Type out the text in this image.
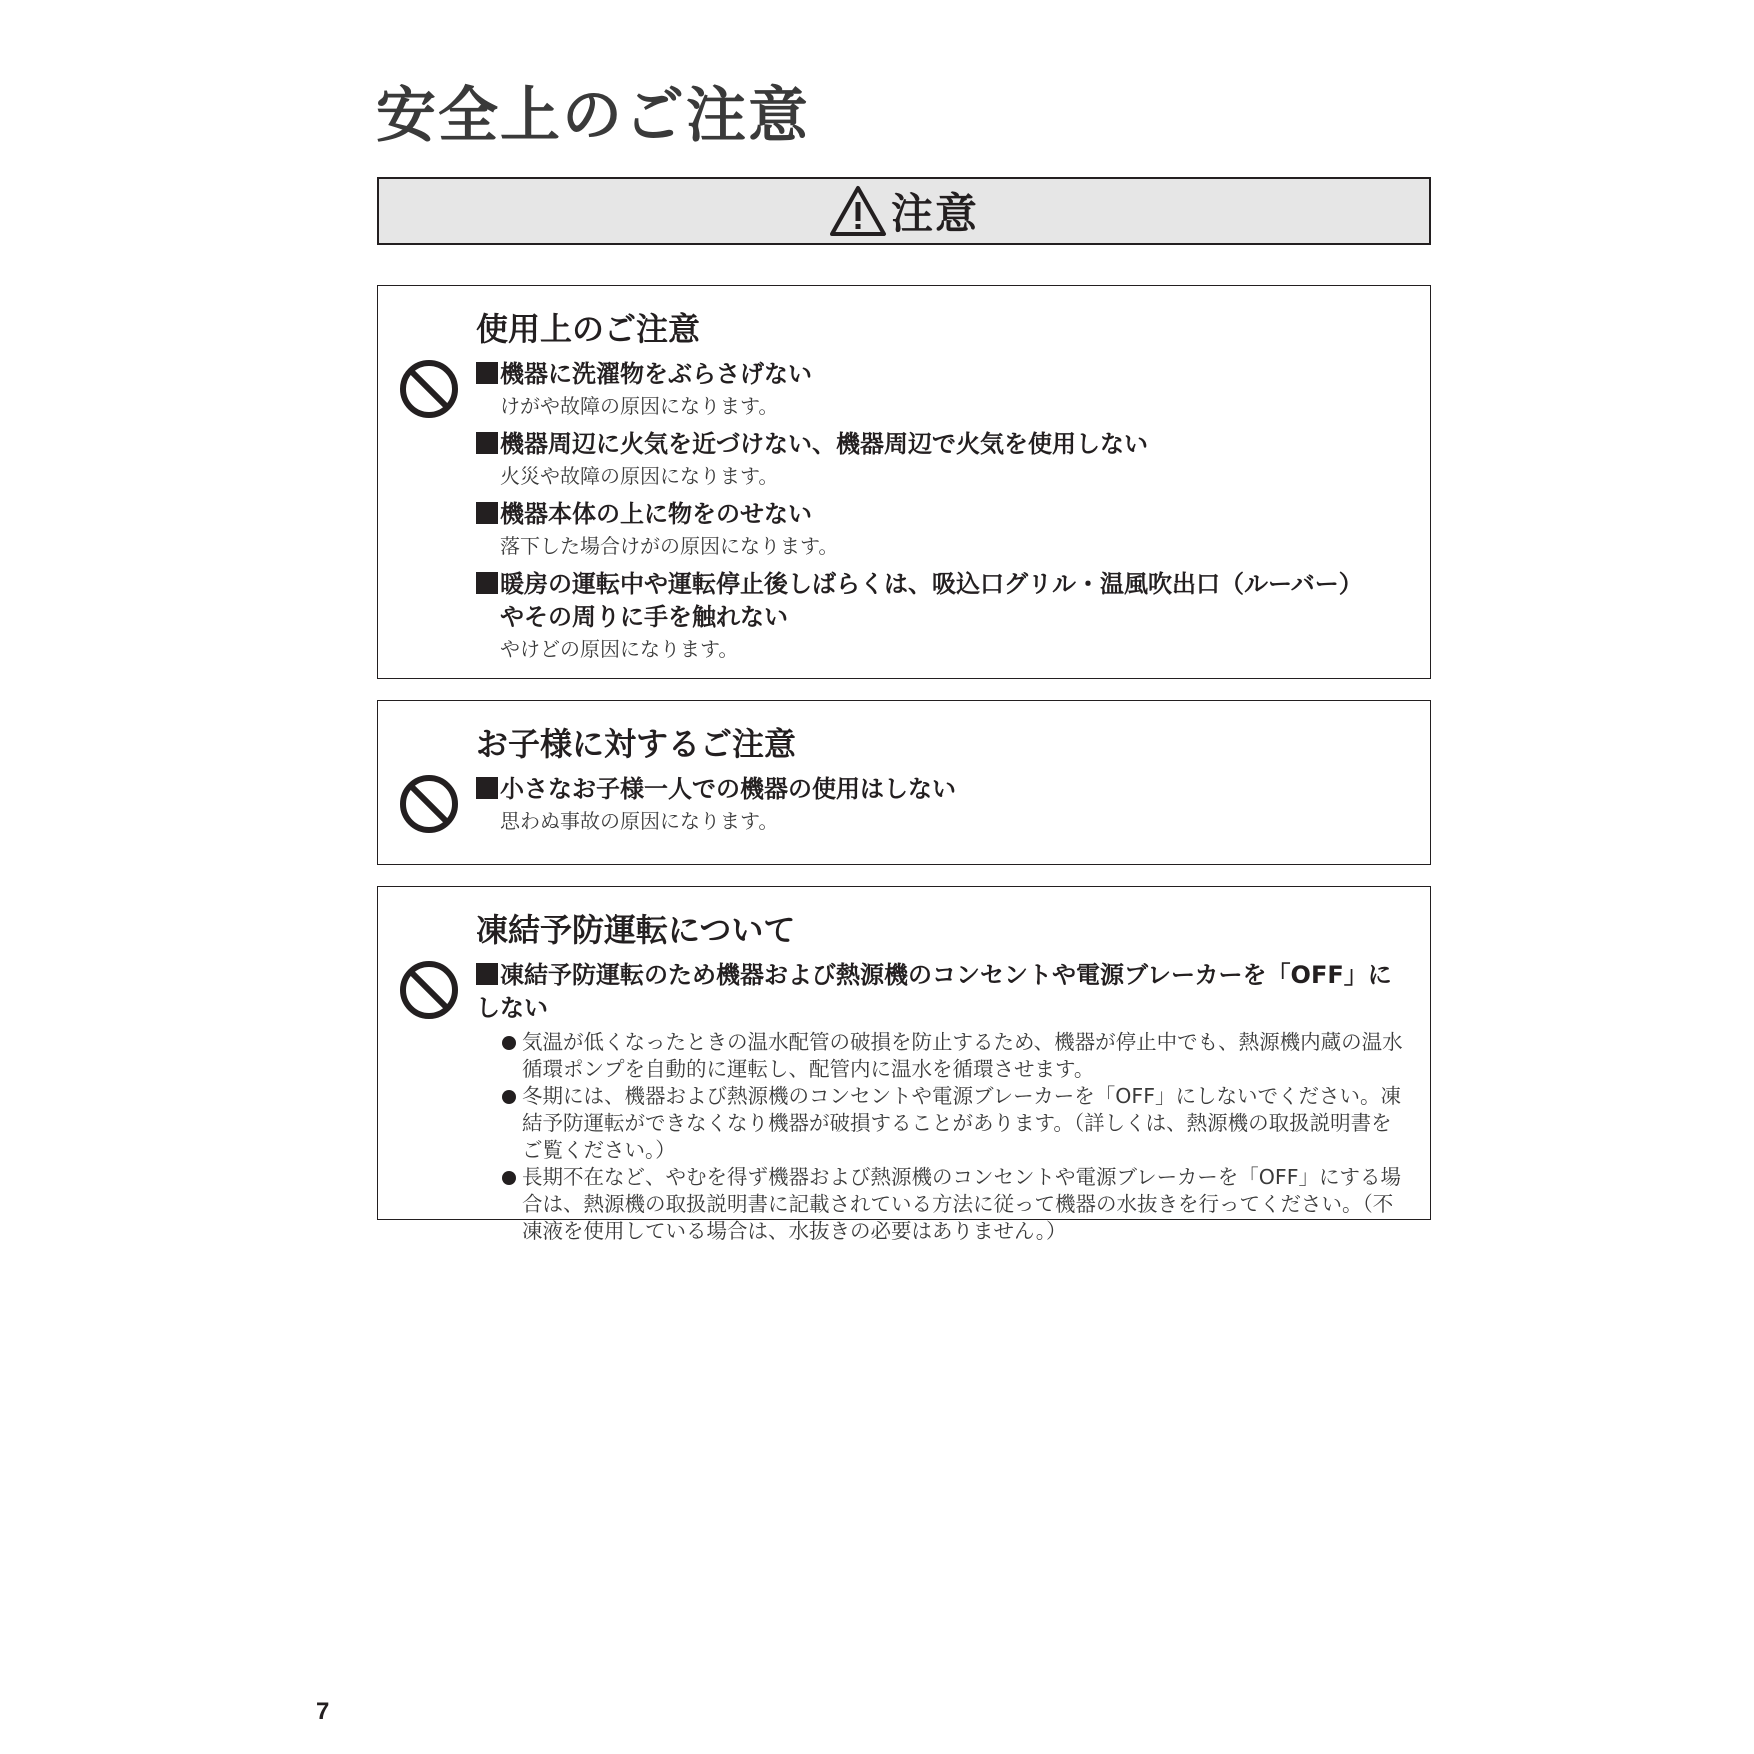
安全上のご注意
注意
使用上のご注意

機器に洗濯物をぶらさげない

けがや故障の原因になります。

機器周辺に火気を近づけない、機器周辺で火気を使用しない

火災や故障の原因になります。

機器本体の上に物をのせない

落下した場合けがの原因になります。

暖房の運転中や運転停止後しばらくは、吸込口グリル・温風吹出口（ルーバー）
やその周りに手を触れない

やけどの原因になります。

お子様に対するご注意

小さなお子様一人での機器の使用はしない

思わぬ事故の原因になります。

凍結予防運転について

凍結予防運転のため機器および熱源機のコンセントや電源ブレーカーを「OFF」にしない

気温が低くなったときの温水配管の破損を防止するため、機器が停止中でも、熱源機内蔵の温水循環ポンプを自動的に運転し、配管内に温水を循環させます。
冬期には、機器および熱源機のコンセントや電源ブレーカーを「OFF」にしないでください。凍結予防運転ができなくなり機器が破損することがあります。（詳しくは、熱源機の取扱説明書をご覧ください。）
長期不在など、やむを得ず機器および熱源機のコンセントや電源ブレーカーを「OFF」にする場合は、熱源機の取扱説明書に記載されている方法に従って機器の水抜きを行ってください。（不凍液を使用している場合は、水抜きの必要はありません。）
7
